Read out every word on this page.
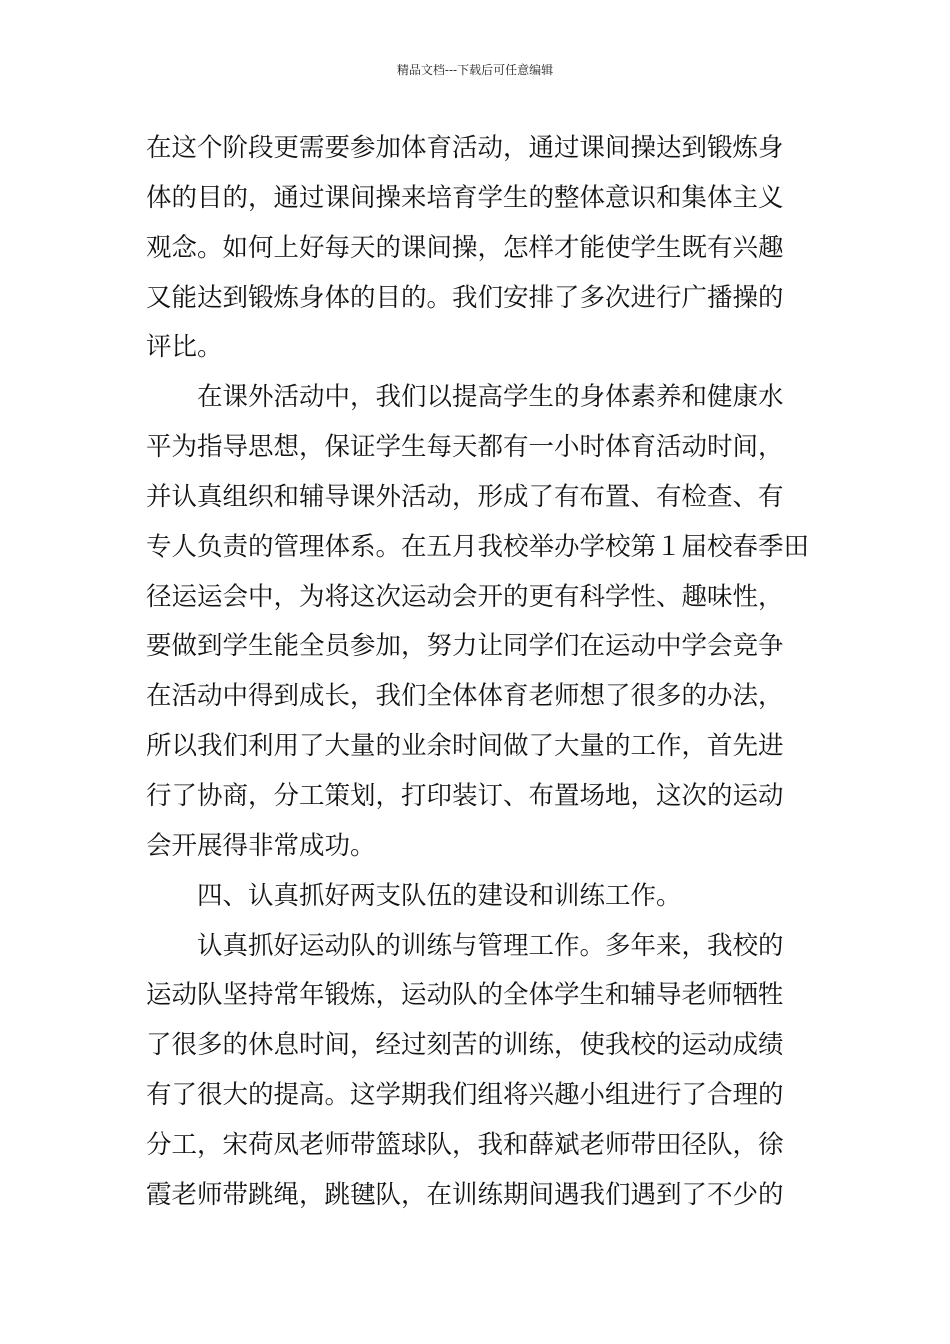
精品文档---下载后可任意编辑
在这个阶段更需要参加体育活动，通过课间操达到锻炼身
体的目的，通过课间操来培育学生的整体意识和集体主义
观念。如何上好每天的课间操，怎样才能使学生既有兴趣
又能达到锻炼身体的目的。我们安排了多次进行广播操的
评比。
　　在课外活动中，我们以提高学生的身体素养和健康水
平为指导思想，保证学生每天都有一小时体育活动时间，
并认真组织和辅导课外活动，形成了有布置、有检查、有
专人负责的管理体系。在五月我校举办学校第１届校春季田
径运运会中，为将这次运动会开的更有科学性、趣味性，
要做到学生能全员参加，努力让同学们在运动中学会竞争
在活动中得到成长，我们全体体育老师想了很多的办法，
所以我们利用了大量的业余时间做了大量的工作，首先进
行了协商，分工策划，打印装订、布置场地，这次的运动
会开展得非常成功。
　　四、认真抓好两支队伍的建设和训练工作。
　　认真抓好运动队的训练与管理工作。多年来，我校的
运动队坚持常年锻炼，运动队的全体学生和辅导老师牺牲
了很多的休息时间，经过刻苦的训练，使我校的运动成绩
有了很大的提高。这学期我们组将兴趣小组进行了合理的
分工，宋荷凤老师带篮球队，我和薛斌老师带田径队，徐
霞老师带跳绳，跳毽队，在训练期间遇我们遇到了不少的
